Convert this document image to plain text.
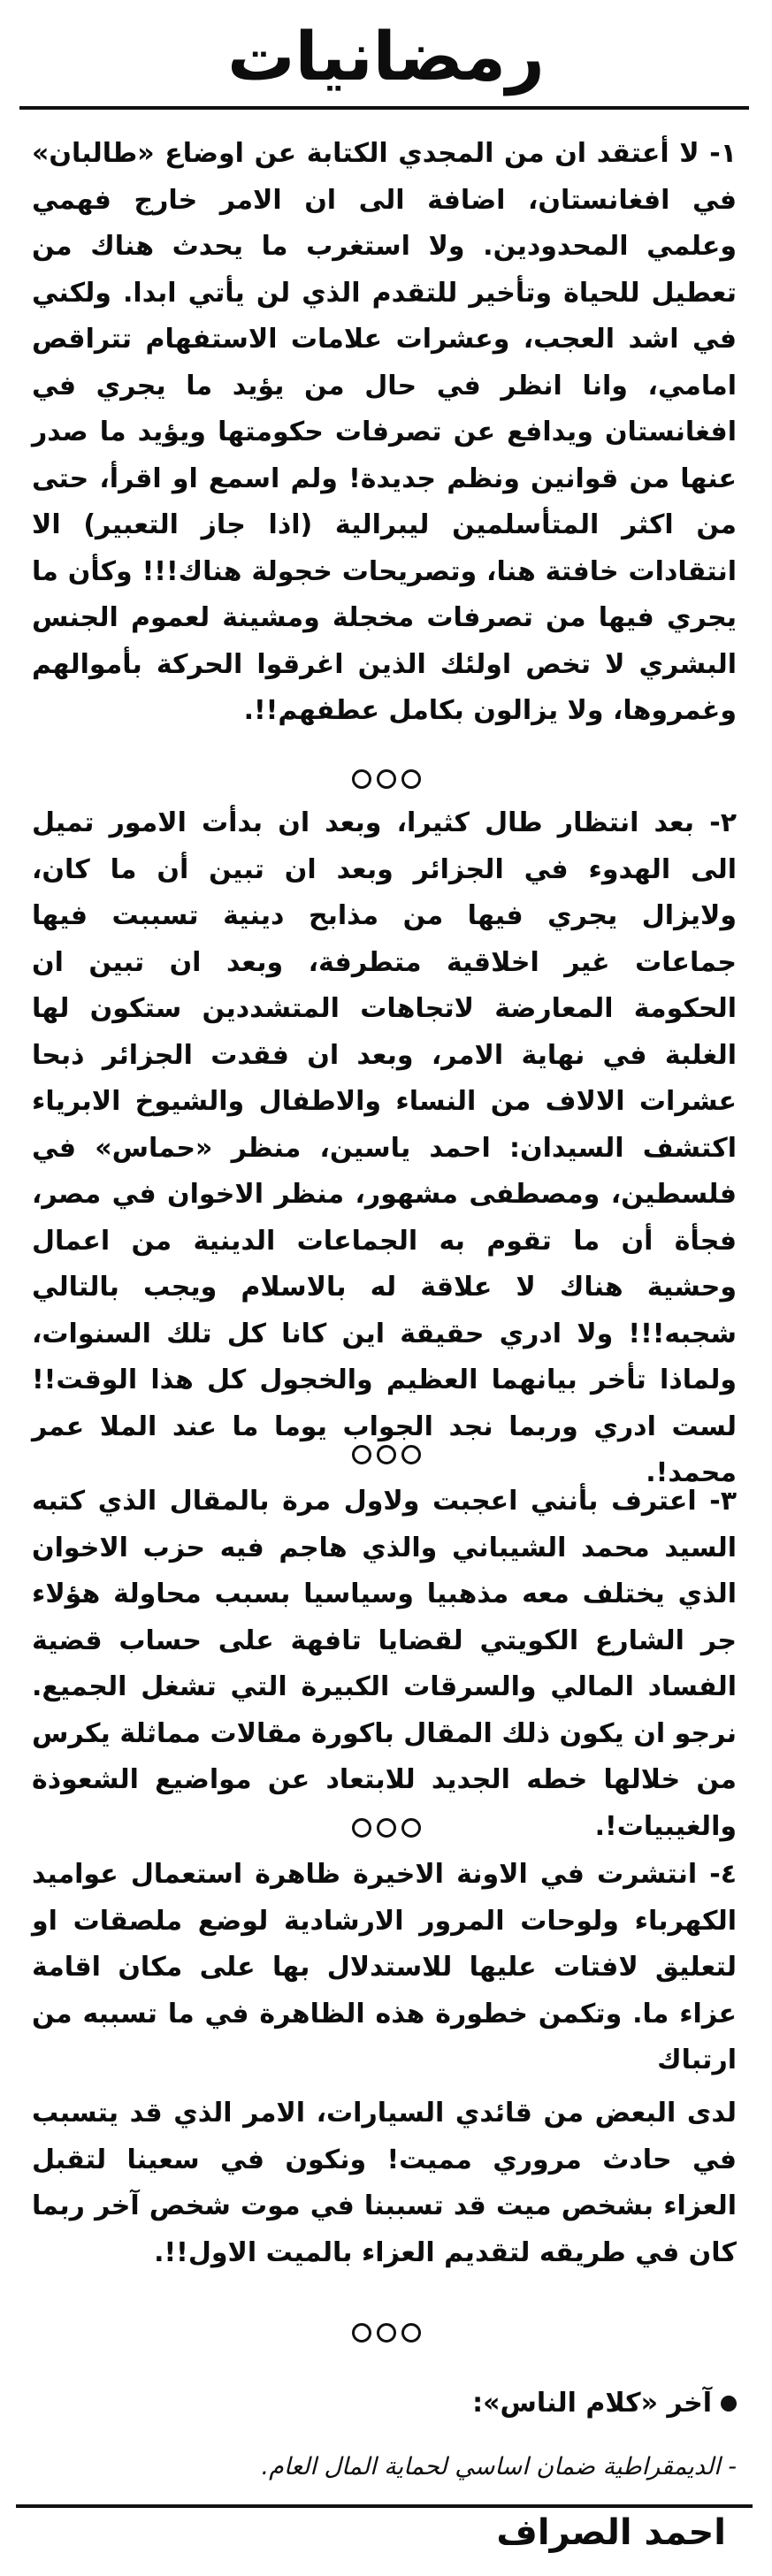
رمضانيات

١- لا أعتقد ان من المجدي الكتابة عن اوضاع «طالبان» في افغانستان، اضافة الى ان الامر خارج فهمي وعلمي المحدودين. ولا استغرب ما يحدث هناك من تعطيل للحياة وتأخير للتقدم الذي لن يأتي ابدا. ولكني في اشد العجب، وعشرات علامات الاستفهام تتراقص امامي، وانا انظر في حال من يؤيد ما يجري في افغانستان ويدافع عن تصرفات حكومتها ويؤيد ما صدر عنها من قوانين ونظم جديدة! ولم اسمع او اقرأ، حتى من اكثر المتأسلمين ليبرالية (اذا جاز التعبير) الا انتقادات خافتة هنا، وتصريحات خجولة هناك!!! وكأن ما يجري فيها من تصرفات مخجلة ومشينة لعموم الجنس البشري لا تخص اولئك الذين اغرقوا الحركة بأموالهم وغمروها، ولا يزالون بكامل عطفهم!!.

٢- بعد انتظار طال كثيرا، وبعد ان بدأت الامور تميل الى الهدوء في الجزائر وبعد ان تبين أن ما كان، ولايزال يجري فيها من مذابح دينية تسببت فيها جماعات غير اخلاقية متطرفة، وبعد ان تبين ان الحكومة المعارضة لاتجاهات المتشددين ستكون لها الغلبة في نهاية الامر، وبعد ان فقدت الجزائر ذبحا عشرات الالاف من النساء والاطفال والشيوخ الابرياء اكتشف السيدان: احمد ياسين، منظر «حماس» في فلسطين، ومصطفى مشهور، منظر الاخوان في مصر، فجأة أن ما تقوم به الجماعات الدينية من اعمال وحشية هناك لا علاقة له بالاسلام ويجب بالتالي شجبه!!! ولا ادري حقيقة اين كانا كل تلك السنوات، ولماذا تأخر بيانهما العظيم والخجول كل هذا الوقت!! لست ادري وربما نجد الجواب يوما ما عند الملا عمر محمد!.

٣- اعترف بأنني اعجبت ولاول مرة بالمقال الذي كتبه السيد محمد الشيباني والذي هاجم فيه حزب الاخوان الذي يختلف معه مذهبيا وسياسيا بسبب محاولة هؤلاء جر الشارع الكويتي لقضايا تافهة على حساب قضية الفساد المالي والسرقات الكبيرة التي تشغل الجميع. نرجو ان يكون ذلك المقال باكورة مقالات مماثلة يكرس من خلالها خطه الجديد للابتعاد عن مواضيع الشعوذة والغيبيات!.

٤- انتشرت في الاونة الاخيرة ظاهرة استعمال عواميد الكهرباء ولوحات المرور الارشادية لوضع ملصقات او لتعليق لافتات عليها للاستدلال بها على مكان اقامة عزاء ما. وتكمن خطورة هذه الظاهرة في ما تسببه من ارتباك

لدى البعض من قائدي السيارات، الامر الذي قد يتسبب في حادث مروري مميت! ونكون في سعينا لتقبل العزاء بشخص ميت قد تسببنا في موت شخص آخر ربما كان في طريقه لتقديم العزاء بالميت الاول!!.

آخر «كلام الناس»:
- الديمقراطية ضمان اساسي لحماية المال العام.
احمد الصراف
